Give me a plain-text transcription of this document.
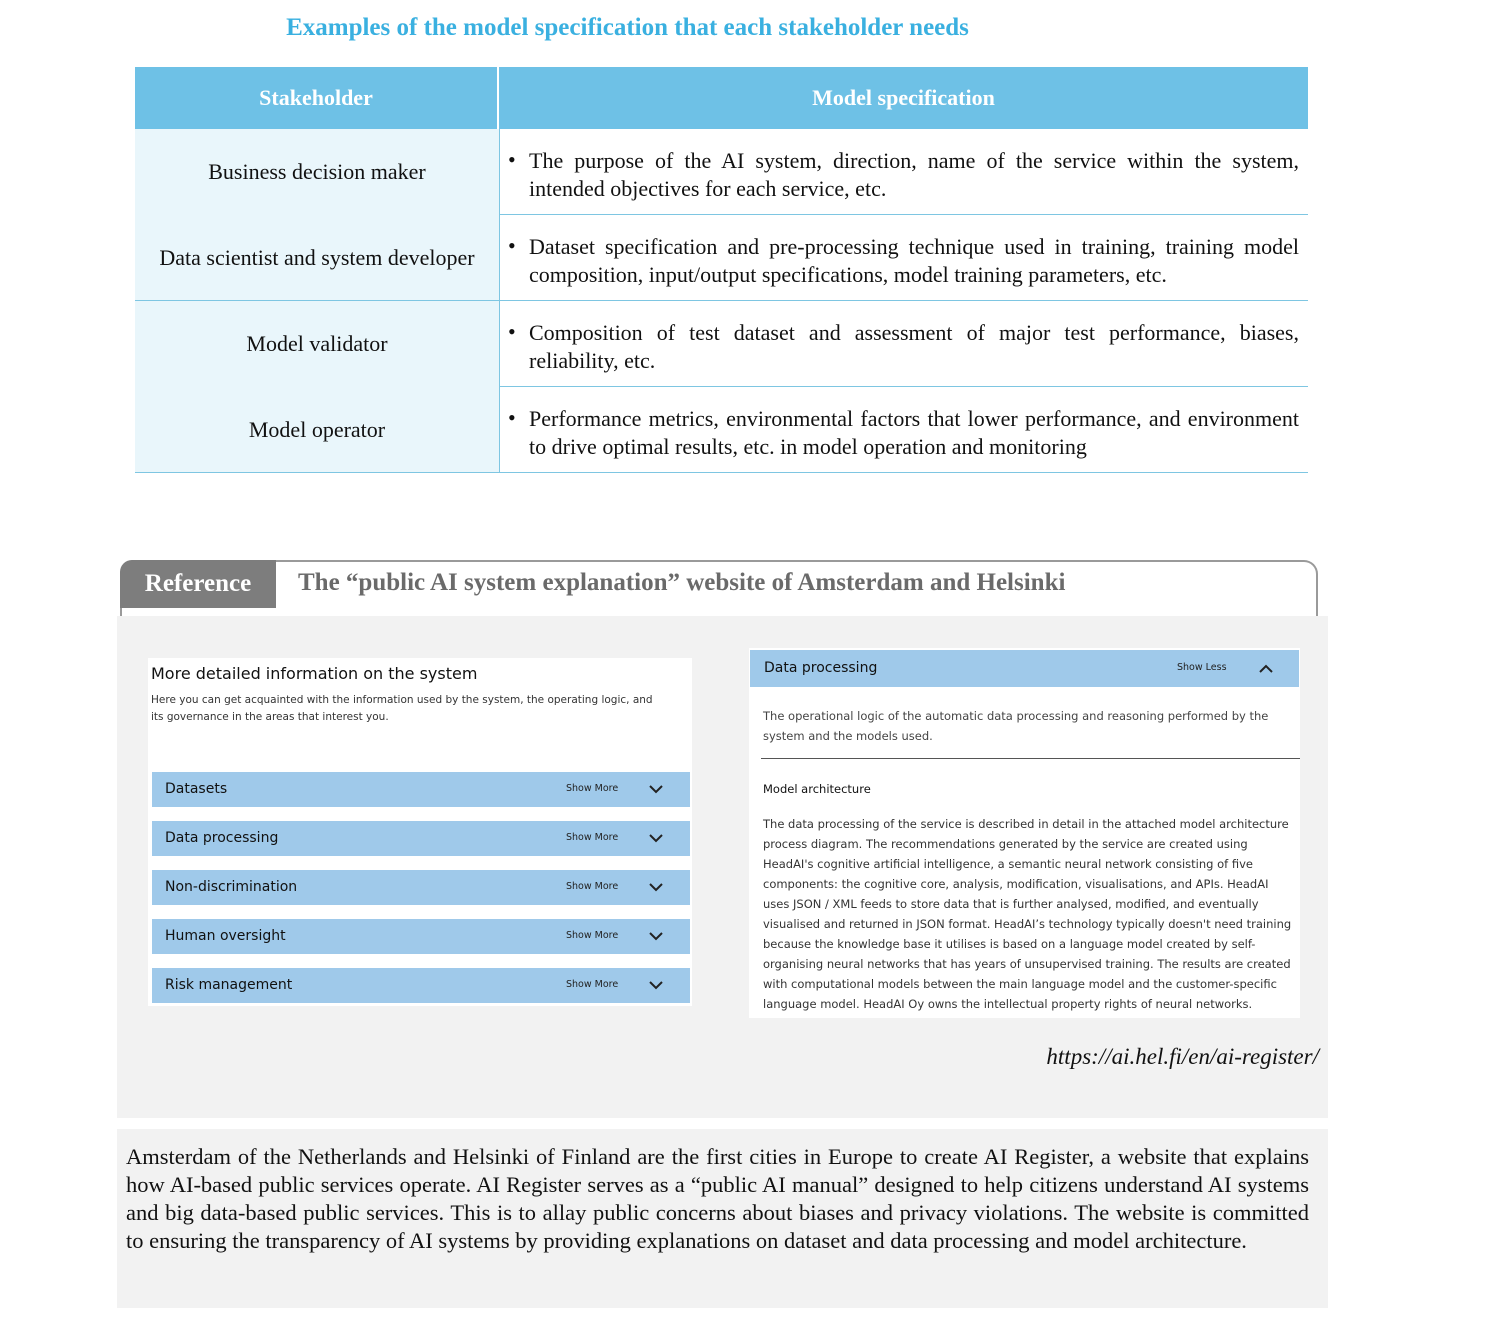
Examples of the model specification that each stakeholder needs
Stakeholder	Model specification
Business decision maker	• The purpose of the AI system, direction, name of the service within the system, intended objectives for each service, etc.
Data scientist and system developer	• Dataset specification and pre-processing technique used in training, training model composition, input/output specifications, model training parameters, etc.
Model validator	• Composition of test dataset and assessment of major test performance, biases, reliability, etc.
Model operator	• Performance metrics, environmental factors that lower performance, and environment to drive optimal results, etc. in model operation and monitoring
Reference	The “public AI system explanation” website of Amsterdam and Helsinki
More detailed information on the system
Here you can get acquainted with the information used by the system, the operating logic, and its governance in the areas that interest you.
Datasets	Show More
Data processing	Show More
Non-discrimination	Show More
Human oversight	Show More
Risk management	Show More
Data processing	Show Less
The operational logic of the automatic data processing and reasoning performed by the system and the models used.
Model architecture
The data processing of the service is described in detail in the attached model architecture process diagram. The recommendations generated by the service are created using HeadAI's cognitive artificial intelligence, a semantic neural network consisting of five components: the cognitive core, analysis, modification, visualisations, and APIs. HeadAI uses JSON / XML feeds to store data that is further analysed, modified, and eventually visualised and returned in JSON format. HeadAI’s technology typically doesn't need training because the knowledge base it utilises is based on a language model created by self-organising neural networks that has years of unsupervised training. The results are created with computational models between the main language model and the customer-specific language model. HeadAI Oy owns the intellectual property rights of neural networks.
https://ai.hel.fi/en/ai-register/
Amsterdam of the Netherlands and Helsinki of Finland are the first cities in Europe to create AI Register, a website that explains how AI-based public services operate. AI Register serves as a “public AI manual” designed to help citizens understand AI systems and big data-based public services. This is to allay public concerns about biases and privacy violations. The website is committed to ensuring the transparency of AI systems by providing explanations on dataset and data processing and model architecture.
